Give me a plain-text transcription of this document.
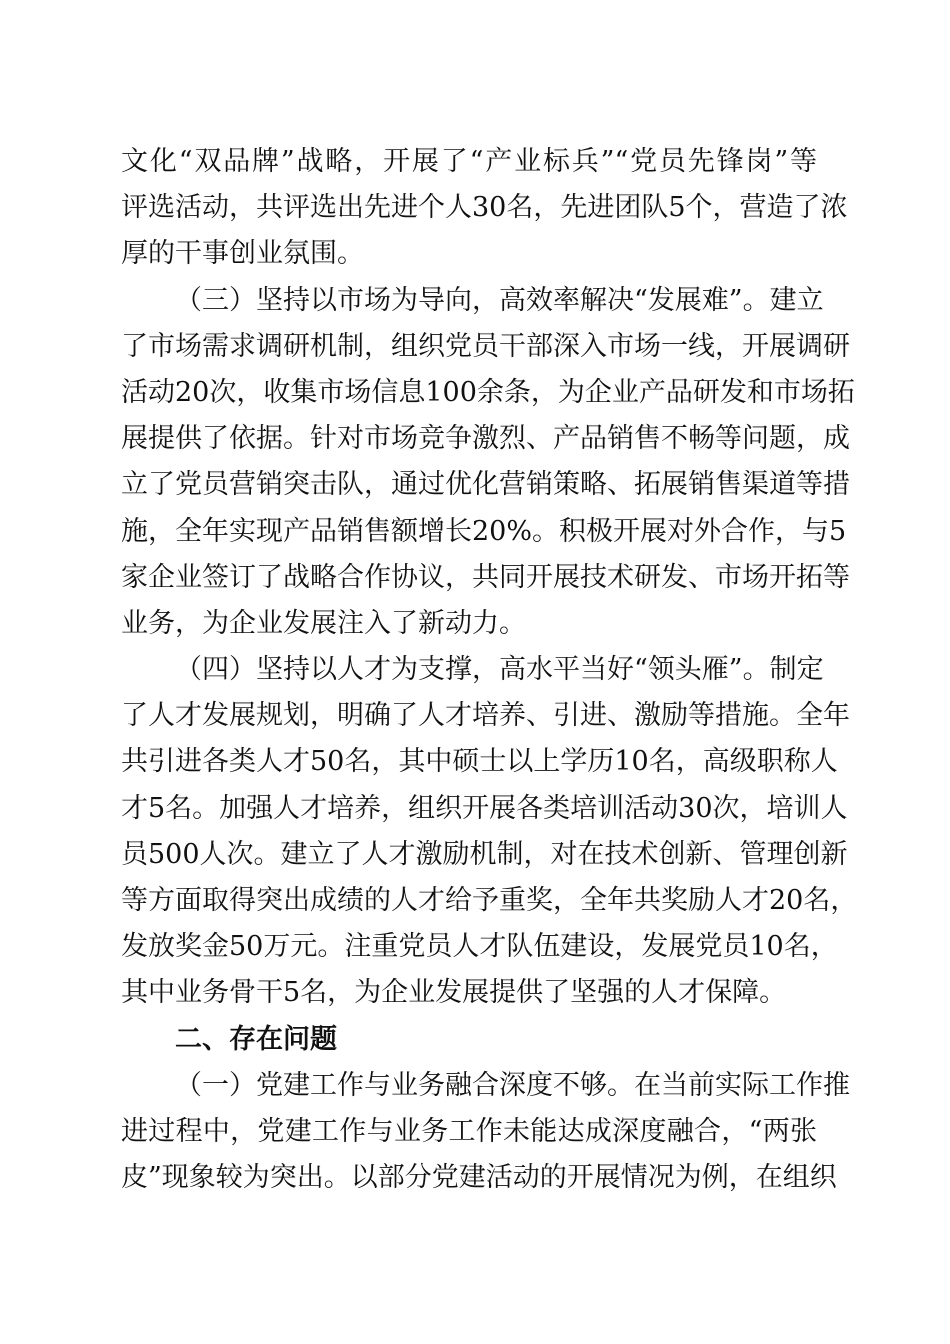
文化“双品牌”战略，开展了“产业标兵”“党员先锋岗”等
评选活动，共评选出先进个人30名，先进团队5个，营造了浓
厚的干事创业氛围。
（三）坚持以市场为导向，高效率解决“发展难”。建立
了市场需求调研机制，组织党员干部深入市场一线，开展调研
活动20次，收集市场信息100余条，为企业产品研发和市场拓
展提供了依据。针对市场竞争激烈、产品销售不畅等问题，成
立了党员营销突击队，通过优化营销策略、拓展销售渠道等措
施，全年实现产品销售额增长20%。积极开展对外合作，与5
家企业签订了战略合作协议，共同开展技术研发、市场开拓等
业务，为企业发展注入了新动力。
（四）坚持以人才为支撑，高水平当好“领头雁”。制定
了人才发展规划，明确了人才培养、引进、激励等措施。全年
共引进各类人才50名，其中硕士以上学历10名，高级职称人
才5名。加强人才培养，组织开展各类培训活动30次，培训人
员500人次。建立了人才激励机制，对在技术创新、管理创新
等方面取得突出成绩的人才给予重奖，全年共奖励人才20名，
发放奖金50万元。注重党员人才队伍建设，发展党员10名，
其中业务骨干5名，为企业发展提供了坚强的人才保障。
二、存在问题
（一）党建工作与业务融合深度不够。在当前实际工作推
进过程中，党建工作与业务工作未能达成深度融合，“两张
皮”现象较为突出。以部分党建活动的开展情况为例，在组织
